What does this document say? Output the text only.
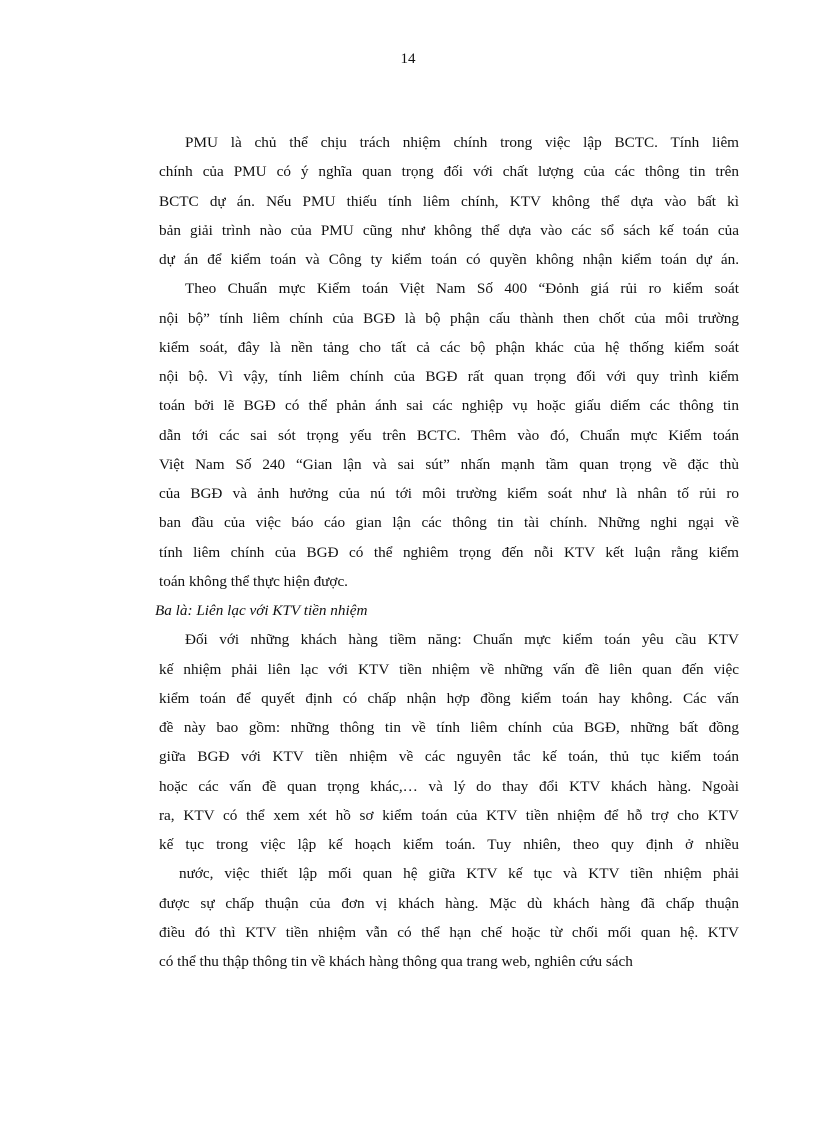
14
PMU là chủ thể chịu trách nhiệm chính trong việc lập BCTC. Tính liêm
chính của PMU có ý nghĩa quan trọng đối với chất lượng của các thông tin trên
BCTC dự án. Nếu PMU thiếu tính liêm chính, KTV không thể dựa vào bất kì
bản giải trình nào của PMU cũng như không thể dựa vào các sổ sách kế toán của
dự án để kiểm toán và Công ty kiểm toán có quyền không nhận kiểm toán dự án.
Theo Chuẩn mực Kiểm toán Việt Nam Số 400 “Đỏnh giá rủi ro kiểm soát
nội bộ” tính liêm chính của BGĐ là bộ phận cấu thành then chốt của môi trường
kiểm soát, đây là nền tảng cho tất cả các bộ phận khác của hệ thống kiểm soát
nội bộ. Vì vậy, tính liêm chính của BGĐ rất quan trọng đối với quy trình kiểm
toán bởi lẽ BGĐ có thể phản ánh sai các nghiệp vụ hoặc giấu diếm các thông tin
dẫn tới các sai sót trọng yếu trên BCTC. Thêm vào đó, Chuẩn mực Kiểm toán
Việt Nam Số 240 “Gian lận và sai sút” nhấn mạnh tầm quan trọng về đặc thù
của BGĐ và ảnh hưởng của nú tới môi trường kiểm soát như là nhân tố rủi ro
ban đầu của việc báo cáo gian lận các thông tin tài chính. Những nghi ngại về
tính liêm chính của BGĐ có thể nghiêm trọng đến nỗi KTV kết luận rằng kiểm
toán không thể thực hiện được.
Ba là: Liên lạc với KTV tiền nhiệm
Đối với những khách hàng tiềm năng: Chuẩn mực kiểm toán yêu cầu KTV
kế nhiệm phải liên lạc với KTV tiền nhiệm về những vấn đề liên quan đến việc
kiểm toán để quyết định có chấp nhận hợp đồng kiểm toán hay không. Các vấn
đề này bao gồm: những thông tin về tính liêm chính của BGĐ, những bất đồng
giữa BGĐ với KTV tiền nhiệm về các nguyên tắc kế toán, thủ tục kiểm toán
hoặc các vấn đề quan trọng khác,… và lý do thay đổi KTV khách hàng. Ngoài
ra, KTV có thể xem xét hồ sơ kiểm toán của KTV tiền nhiệm để hỗ trợ cho KTV
kế tục trong việc lập kế hoạch kiểm toán. Tuy nhiên, theo quy định ở nhiều
nước, việc thiết lập mối quan hệ giữa KTV kế tục và KTV tiền nhiệm phải
được sự chấp thuận của đơn vị khách hàng. Mặc dù khách hàng đã chấp thuận
điều đó thì KTV tiền nhiệm vẫn có thể hạn chế hoặc từ chối mối quan hệ. KTV
có thể thu thập thông tin về khách hàng thông qua trang web, nghiên cứu sách
